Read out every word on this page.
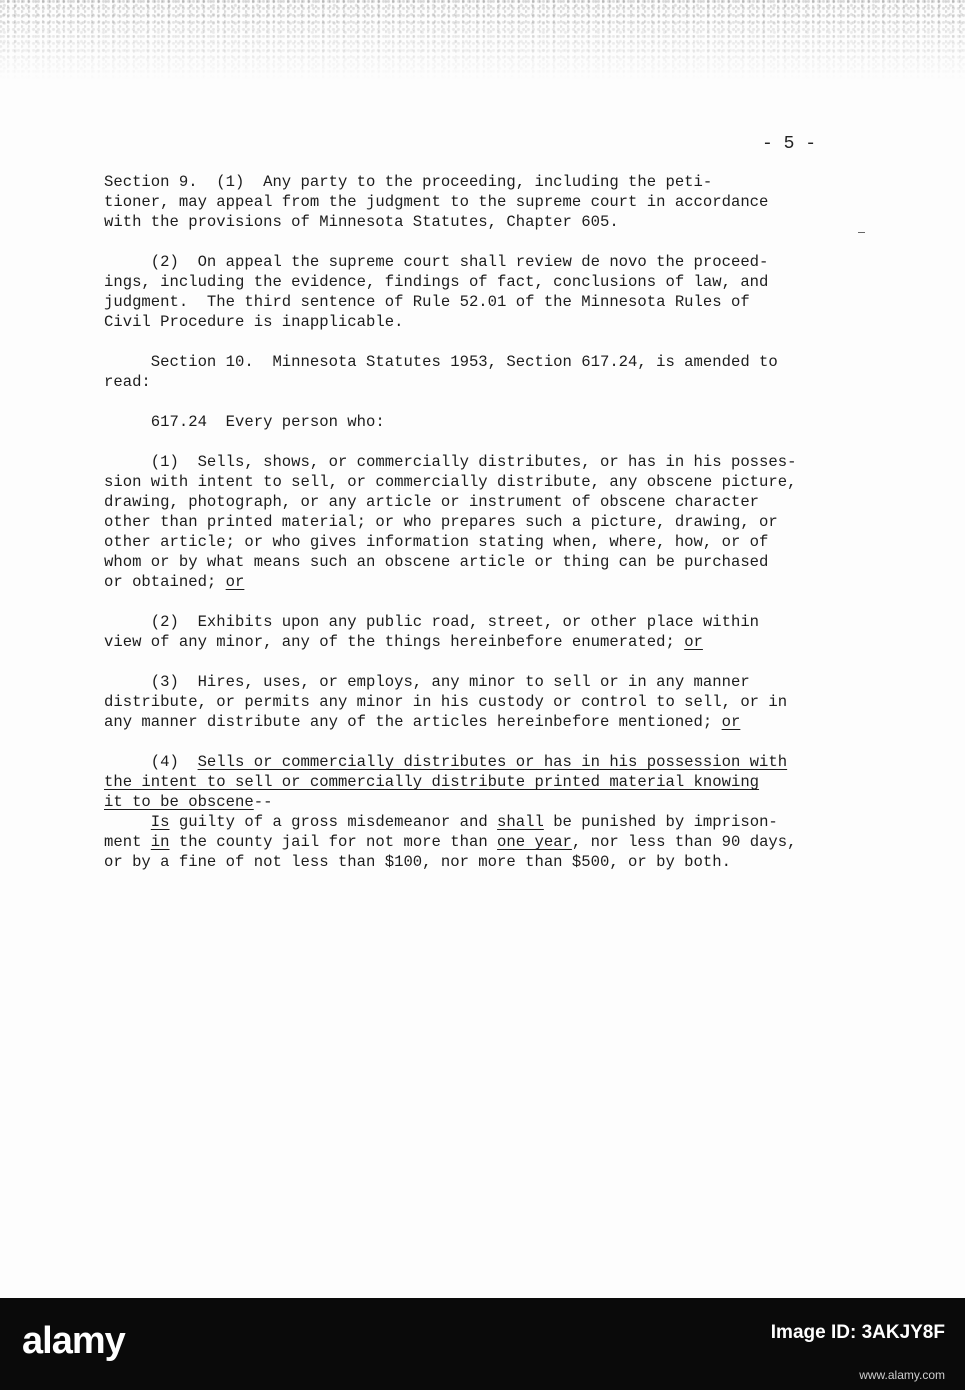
- 5 -

Section 9.  (1)  Any party to the proceeding, including the peti-
tioner, may appeal from the judgment to the supreme court in accordance
with the provisions of Minnesota Statutes, Chapter 605.

(2)  On appeal the supreme court shall review de novo the proceed-
ings, including the evidence, findings of fact, conclusions of law, and
judgment.  The third sentence of Rule 52.01 of the Minnesota Rules of
Civil Procedure is inapplicable.

Section 10.  Minnesota Statutes 1953, Section 617.24, is amended to
read:

617.24  Every person who:

(1)  Sells, shows, or commercially distributes, or has in his posses-
sion with intent to sell, or commercially distribute, any obscene picture,
drawing, photograph, or any article or instrument of obscene character
other than printed material; or who prepares such a picture, drawing, or
other article; or who gives information stating when, where, how, or of
whom or by what means such an obscene article or thing can be purchased
or obtained; or

(2)  Exhibits upon any public road, street, or other place within
view of any minor, any of the things hereinbefore enumerated; or

(3)  Hires, uses, or employs, any minor to sell or in any manner
distribute, or permits any minor in his custody or control to sell, or in
any manner distribute any of the articles hereinbefore mentioned; or

(4)  Sells or commercially distributes or has in his possession with
the intent to sell or commercially distribute printed material knowing
it to be obscene--

Is guilty of a gross misdemeanor and shall be punished by imprison-
ment in the county jail for not more than one year, nor less than 90 days,
or by a fine of not less than $100, nor more than $500, or by both.

alamy	Image ID: 3AKJY8F
www.alamy.com
